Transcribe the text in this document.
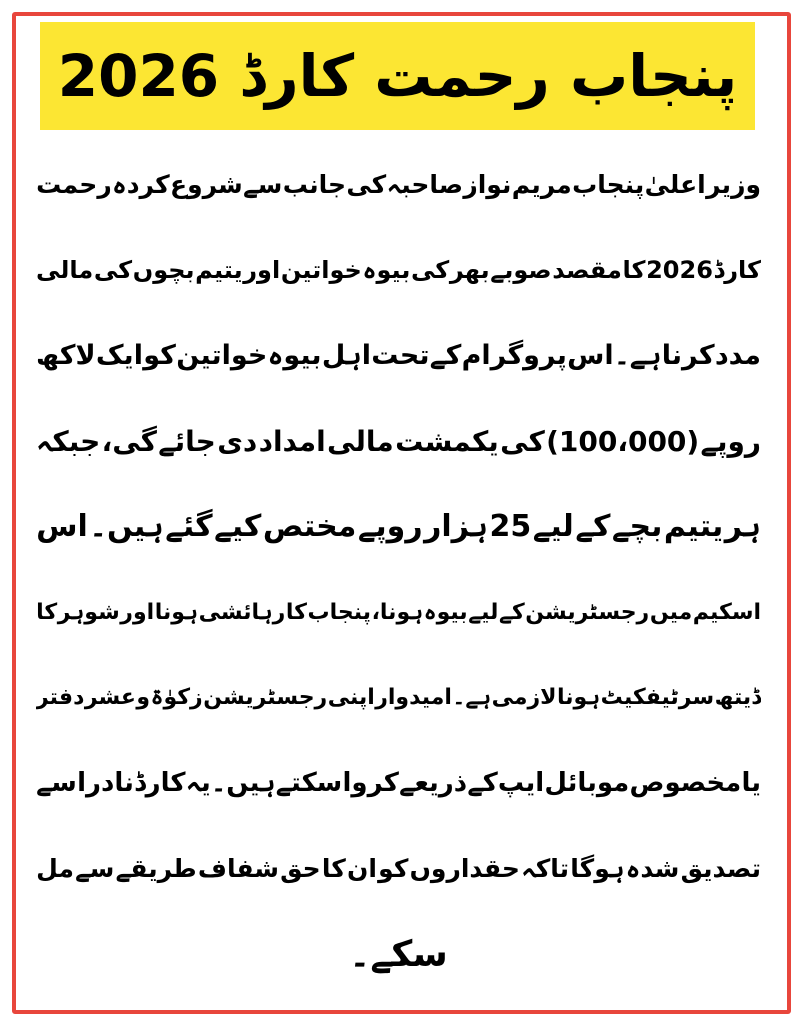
پنجاب رحمت کارڈ 2026
وزیر
اعلیٰ
پنجاب
مریم
نواز
صاحبہ
کی
جانب
سے
شروع
کردہ
رحمت
کارڈ
2026
کا
مقصد
صوبے
بھر
کی
بیوہ
خواتین
اور
یتیم
بچوں
کی
مالی
مدد
کرنا
ہے۔
اس
پروگرام
کے
تحت
اہل
بیوہ
خواتین
کو
ایک
لاکھ
روپے
(100،000)
کی
یکمشت
مالی
امداد
دی
جائے
گی،
جبکہ
ہر
یتیم
بچے
کے
لیے
25
ہزار
روپے
مختص
کیے
گئے
ہیں۔
اس
اسکیم
میں
رجسٹریشن
کے
لیے
بیوہ
ہونا،
پنجاب
کا
رہائشی
ہونا
اور
شوہر
کا
ڈیتھ
سرٹیفکیٹ
ہونا
لازمی
ہے۔
امیدوار
اپنی
رجسٹریشن
زکوٰۃ
و
عشر
دفتر
یا
مخصوص
موبائل
ایپ
کے
ذریعے
کروا
سکتے
ہیں۔
یہ
کارڈ
نادرا
سے
تصدیق
شدہ
ہوگا
تاکہ
حقداروں
کو
ان
کا
حق
شفاف
طریقے
سے
مل
سکے۔
